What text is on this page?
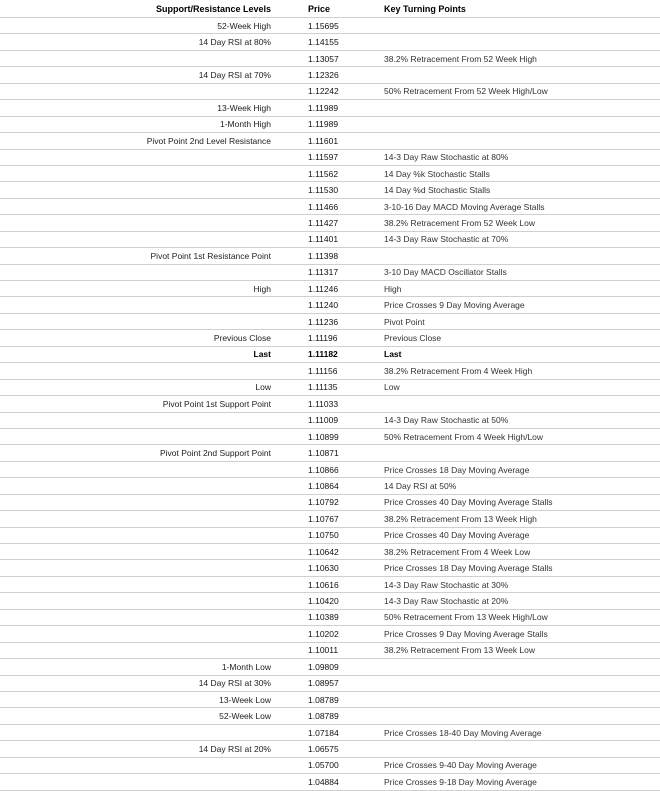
Support/Resistance Levels	Price		Key Turning Points
52-Week High	1.15695		
14 Day RSI at 80%	1.14155		
	1.13057		38.2% Retracement From 52 Week High
14 Day RSI at 70%	1.12326		
	1.12242		50% Retracement From 52 Week High/Low
13-Week High	1.11989		
1-Month High	1.11989		
Pivot Point 2nd Level Resistance	1.11601		
	1.11597		14-3 Day Raw Stochastic at 80%
	1.11562		14 Day %k Stochastic Stalls
	1.11530		14 Day %d Stochastic Stalls
	1.11466		3-10-16 Day MACD Moving Average Stalls
	1.11427		38.2% Retracement From 52 Week Low
	1.11401		14-3 Day Raw Stochastic at 70%
Pivot Point 1st Resistance Point	1.11398		
	1.11317		3-10 Day MACD Oscillator Stalls
High	1.11246		High
	1.11240		Price Crosses 9 Day Moving Average
	1.11236		Pivot Point
Previous Close	1.11196		Previous Close
Last	1.11182		Last
	1.11156		38.2% Retracement From 4 Week High
Low	1.11135		Low
Pivot Point 1st Support Point	1.11033		
	1.11009		14-3 Day Raw Stochastic at 50%
	1.10899		50% Retracement From 4 Week High/Low
Pivot Point 2nd Support Point	1.10871		
	1.10866		Price Crosses 18 Day Moving Average
	1.10864		14 Day RSI at 50%
	1.10792		Price Crosses 40 Day Moving Average Stalls
	1.10767		38.2% Retracement From 13 Week High
	1.10750		Price Crosses 40 Day Moving Average
	1.10642		38.2% Retracement From 4 Week Low
	1.10630		Price Crosses 18 Day Moving Average Stalls
	1.10616		14-3 Day Raw Stochastic at 30%
	1.10420		14-3 Day Raw Stochastic at 20%
	1.10389		50% Retracement From 13 Week High/Low
	1.10202		Price Crosses 9 Day Moving Average Stalls
	1.10011		38.2% Retracement From 13 Week Low
1-Month Low	1.09809		
14 Day RSI at 30%	1.08957		
13-Week Low	1.08789		
52-Week Low	1.08789		
	1.07184		Price Crosses 18-40 Day Moving Average
14 Day RSI at 20%	1.06575		
	1.05700		Price Crosses 9-40 Day Moving Average
	1.04884		Price Crosses 9-18 Day Moving Average
